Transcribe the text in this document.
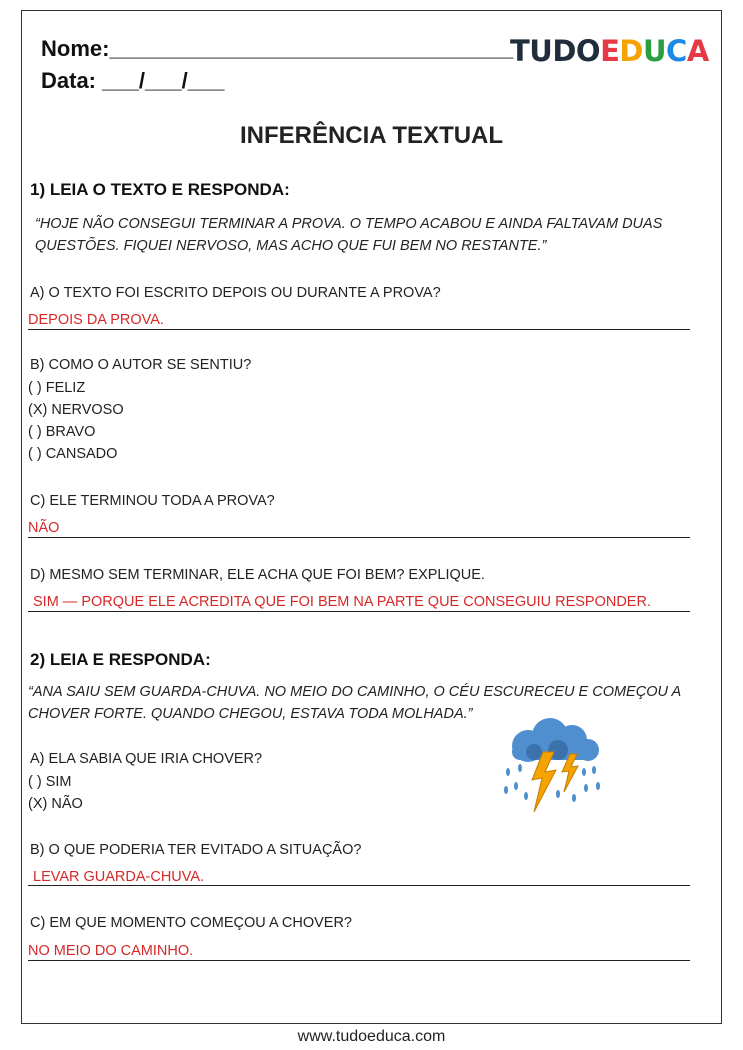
Nome:_________________________________
Data: ___/___/___
TUDOEDUCA
INFERÊNCIA TEXTUAL
1) LEIA O TEXTO E RESPONDA:
“HOJE NÃO CONSEGUI TERMINAR A PROVA. O TEMPO ACABOU E AINDA FALTAVAM DUAS QUESTÕES. FIQUEI NERVOSO, MAS ACHO QUE FUI BEM NO RESTANTE.”
A) O TEXTO FOI ESCRITO DEPOIS OU DURANTE A PROVA?
DEPOIS DA PROVA.
B) COMO O AUTOR SE SENTIU?
( ) FELIZ
(X) NERVOSO
( ) BRAVO
( ) CANSADO
C) ELE TERMINOU TODA A PROVA?
NÃO
D) MESMO SEM TERMINAR, ELE ACHA QUE FOI BEM? EXPLIQUE.
SIM — PORQUE ELE ACREDITA QUE FOI BEM NA PARTE QUE CONSEGUIU RESPONDER.
2) LEIA E RESPONDA:
“ANA SAIU SEM GUARDA-CHUVA. NO MEIO DO CAMINHO, O CÉU ESCURECEU E COMEÇOU A CHOVER FORTE. QUANDO CHEGOU, ESTAVA TODA MOLHADA.”
A) ELA SABIA QUE IRIA CHOVER?
( ) SIM
(X) NÃO
B) O QUE PODERIA TER EVITADO A SITUAÇÃO?
LEVAR GUARDA-CHUVA.
C) EM QUE MOMENTO COMEÇOU A CHOVER?
NO MEIO DO CAMINHO.
www.tudoeduca.com
